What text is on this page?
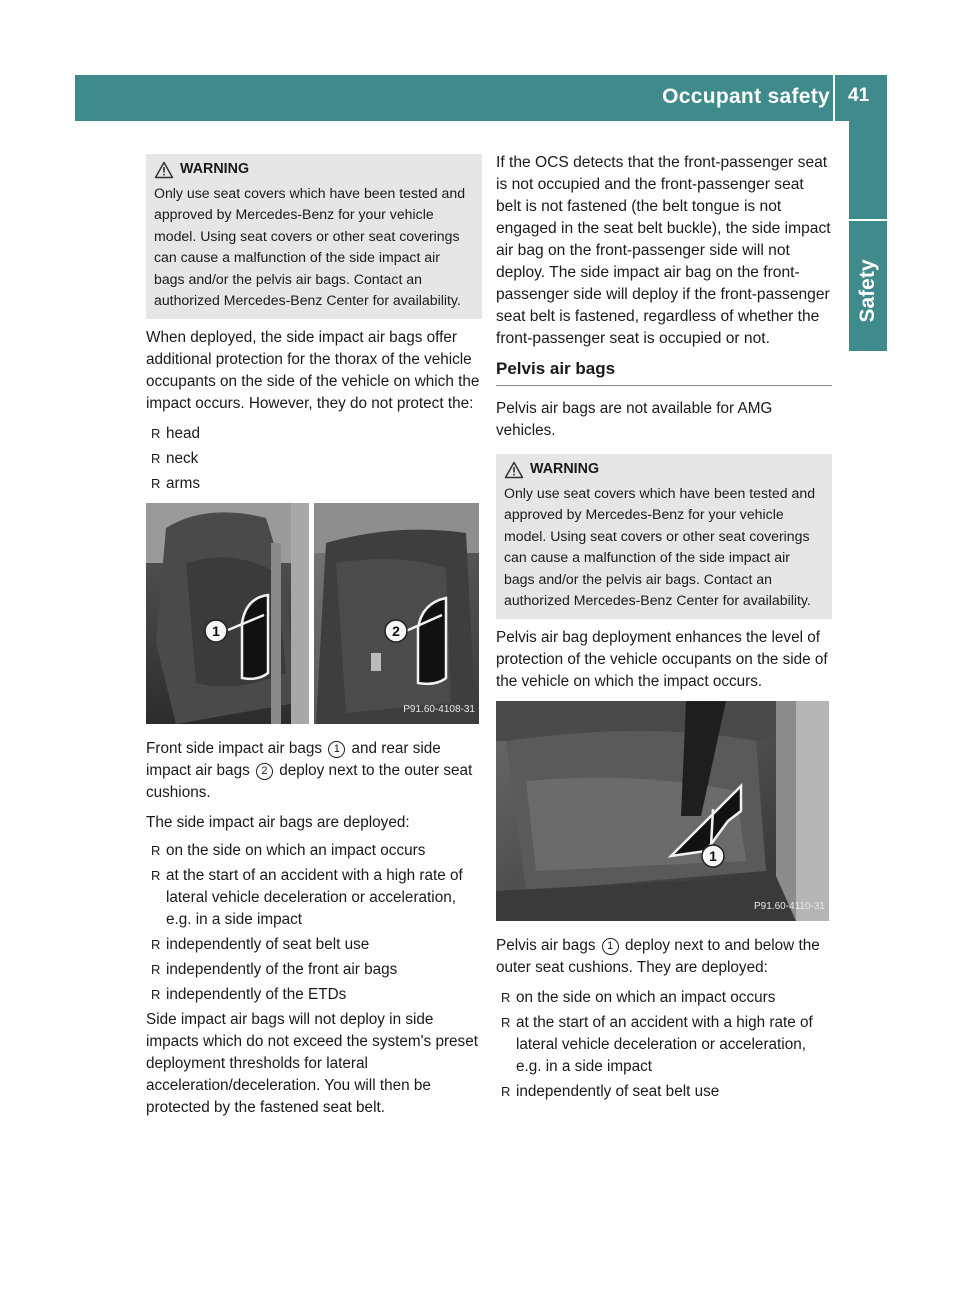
Occupant safety 41
Safety
WARNING
Only use seat covers which have been tested and approved by Mercedes-Benz for your vehicle model. Using seat covers or other seat coverings can cause a malfunction of the side impact air bags and/or the pelvis air bags. Contact an authorized Mercedes-Benz Center for availability.

When deployed, the side impact air bags offer additional protection for the thorax of the vehicle occupants on the side of the vehicle on which the impact occurs. However, they do not protect the:

R head
R neck
R arms
1	2
P91.60-4108-31

Front side impact air bags 1 and rear side impact air bags 2 deploy next to the outer seat cushions.

The side impact air bags are deployed:

R on the side on which an impact occurs
R at the start of an accident with a high rate of lateral vehicle deceleration or acceleration, e.g. in a side impact
R independently of seat belt use
R independently of the front air bags
R independently of the ETDs

Side impact air bags will not deploy in side impacts which do not exceed the system's preset deployment thresholds for lateral acceleration/deceleration. You will then be protected by the fastened seat belt.

If the OCS detects that the front-passenger seat is not occupied and the front-passenger seat belt is not fastened (the belt tongue is not engaged in the seat belt buckle), the side impact air bag on the front-passenger side will not deploy. The side impact air bag on the front-passenger side will deploy if the front-passenger seat belt is fastened, regardless of whether the front-passenger seat is occupied or not.

Pelvis air bags

Pelvis air bags are not available for AMG vehicles.

WARNING
Only use seat covers which have been tested and approved by Mercedes-Benz for your vehicle model. Using seat covers or other seat coverings can cause a malfunction of the side impact air bags and/or the pelvis air bags. Contact an authorized Mercedes-Benz Center for availability.

Pelvis air bag deployment enhances the level of protection of the vehicle occupants on the side of the vehicle on which the impact occurs.

1
P91.60-4110-31

Pelvis air bags 1 deploy next to and below the outer seat cushions. They are deployed:

R on the side on which an impact occurs
R at the start of an accident with a high rate of lateral vehicle deceleration or acceleration, e.g. in a side impact
R independently of seat belt use
